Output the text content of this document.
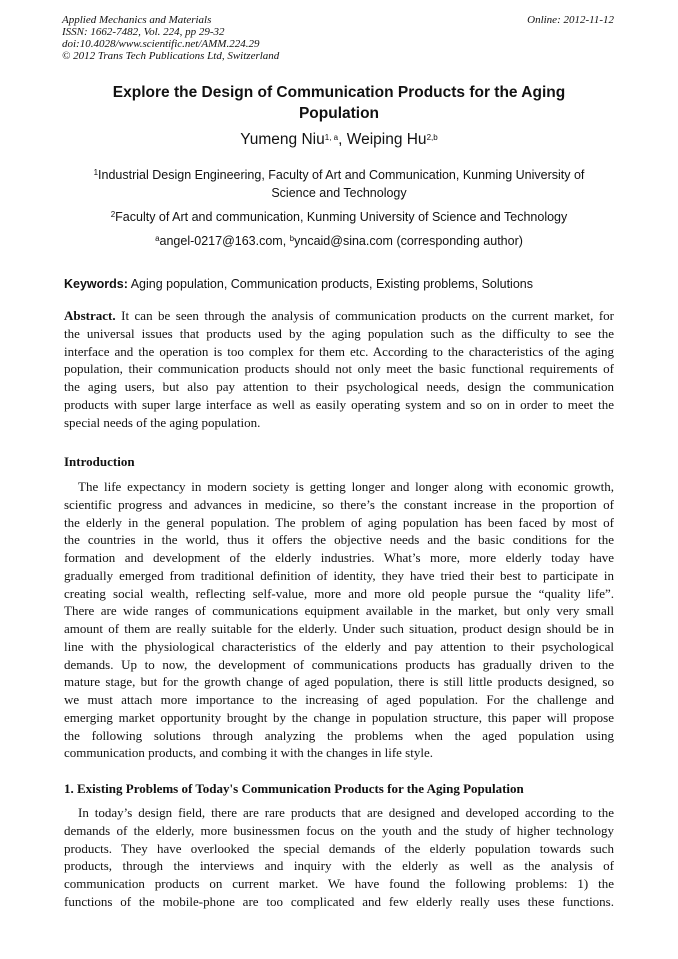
Applied Mechanics and Materials
ISSN: 1662-7482, Vol. 224, pp 29-32
doi:10.4028/www.scientific.net/AMM.224.29
© 2012 Trans Tech Publications Ltd, Switzerland
Online: 2012-11-12
Explore the Design of Communication Products for the Aging
Population
Yumeng Niu$^{1, a}$, Weiping Hu$^{2,b}$
$^1$Industrial Design Engineering, Faculty of Art and Communication, Kunming University of
Science and Technology
$^2$Faculty of Art and communication, Kunming University of Science and Technology
$^a$angel-0217@163.com, $^b$yncaid@sina.com (corresponding author)
Keywords: Aging population, Communication products, Existing problems, Solutions
Abstract. It can be seen through the analysis of communication products on the current market, for
the universal issues that products used by the aging population such as the difficulty to see the
interface and the operation is too complex for them etc. According to the characteristics of the aging
population, their communication products should not only meet the basic functional requirements of
the aging users, but also pay attention to their psychological needs, design the communication
products with super large interface as well as easily operating system and so on in order to meet the
special needs of the aging population.
Introduction
The life expectancy in modern society is getting longer and longer along with economic growth,
scientific progress and advances in medicine, so there’s the constant increase in the proportion of
the elderly in the general population. The problem of aging population has been faced by most of
the countries in the world, thus it offers the objective needs and the basic conditions for the
formation and development of the elderly industries. What’s more, more elderly today have
gradually emerged from traditional definition of identity, they have tried their best to participate in
creating social wealth, reflecting self-value, more and more old people pursue the “quality life”.
There are wide ranges of communications equipment available in the market, but only very small
amount of them are really suitable for the elderly. Under such situation, product design should be in
line with the physiological characteristics of the elderly and pay attention to their psychological
demands. Up to now, the development of communications products has gradually driven to the
mature stage, but for the growth change of aged population, there is still little products designed, so
we must attach more importance to the increasing of aged population. For the challenge and
emerging market opportunity brought by the change in population structure, this paper will propose
the following solutions through analyzing the problems when the aged population using
communication products, and combing it with the changes in life style.
1. Existing Problems of Today's Communication Products for the Aging Population
In today’s design field, there are rare products that are designed and developed according to the
demands of the elderly, more businessmen focus on the youth and the study of higher technology
products. They have overlooked the special demands of the elderly population towards such
products, through the interviews and inquiry with the elderly as well as the analysis of
communication products on current market. We have found the following problems: 1) the
functions of the mobile-phone are too complicated and few elderly really uses these functions.
